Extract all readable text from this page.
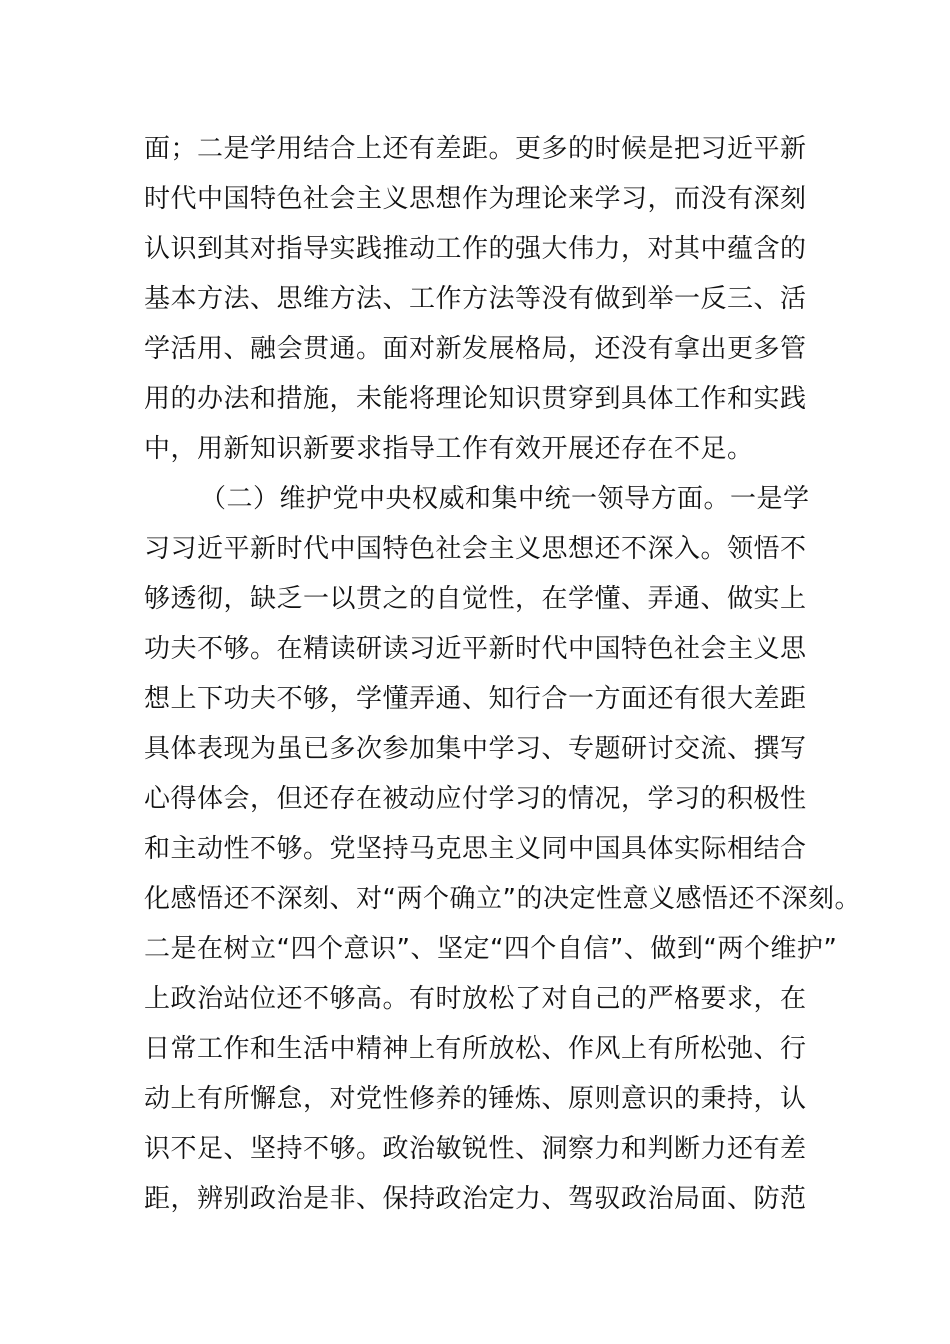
面；二是学用结合上还有差距。更多的时候是把习近平新
时代中国特色社会主义思想作为理论来学习，而没有深刻
认识到其对指导实践推动工作的强大伟力，对其中蕴含的
基本方法、思维方法、工作方法等没有做到举一反三、活
学活用、融会贯通。面对新发展格局，还没有拿出更多管
用的办法和措施，未能将理论知识贯穿到具体工作和实践
中，用新知识新要求指导工作有效开展还存在不足。
（二）维护党中央权威和集中统一领导方面。一是学
习习近平新时代中国特色社会主义思想还不深入。领悟不
够透彻，缺乏一以贯之的自觉性，在学懂、弄通、做实上
功夫不够。在精读研读习近平新时代中国特色社会主义思
想上下功夫不够，学懂弄通、知行合一方面还有很大差距
具体表现为虽已多次参加集中学习、专题研讨交流、撰写
心得体会，但还存在被动应付学习的情况，学习的积极性
和主动性不够。党坚持马克思主义同中国具体实际相结合
化感悟还不深刻、对“两个确立”的决定性意义感悟还不深刻。
二是在树立“四个意识”、坚定“四个自信”、做到“两个维护”
上政治站位还不够高。有时放松了对自己的严格要求，在
日常工作和生活中精神上有所放松、作风上有所松弛、行
动上有所懈怠，对党性修养的锤炼、原则意识的秉持，认
识不足、坚持不够。政治敏锐性、洞察力和判断力还有差
距，辨别政治是非、保持政治定力、驾驭政治局面、防范
